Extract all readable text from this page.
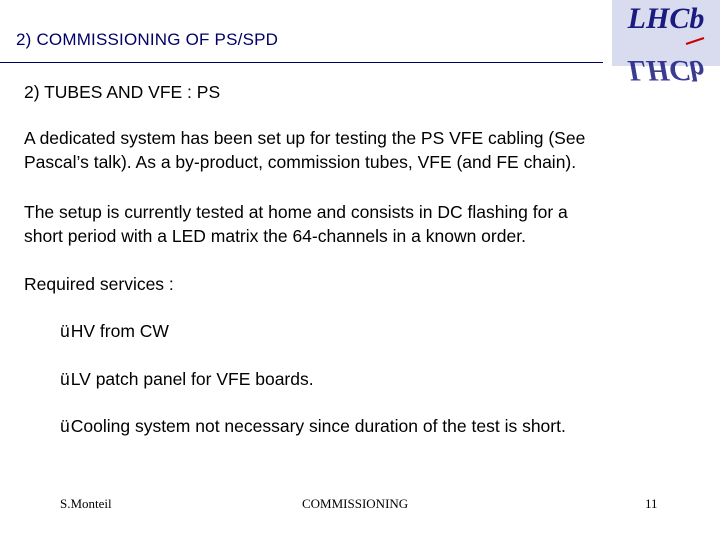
2) COMMISSIONING OF PS/SPD
LHCb
LHCb

2) TUBES AND VFE : PS

A dedicated system has been set up for testing the PS VFE cabling (See

Pascal’s talk). As a by-product, commission tubes, VFE (and FE chain).

The setup is currently tested at home and consists in DC flashing for a

short period with a LED matrix the 64-channels in a known order.

Required services :

üHV from CW

üLV patch panel for VFE boards.

üCooling system not necessary since duration of the test is short.

S.Monteil	COMMISSIONING	11
